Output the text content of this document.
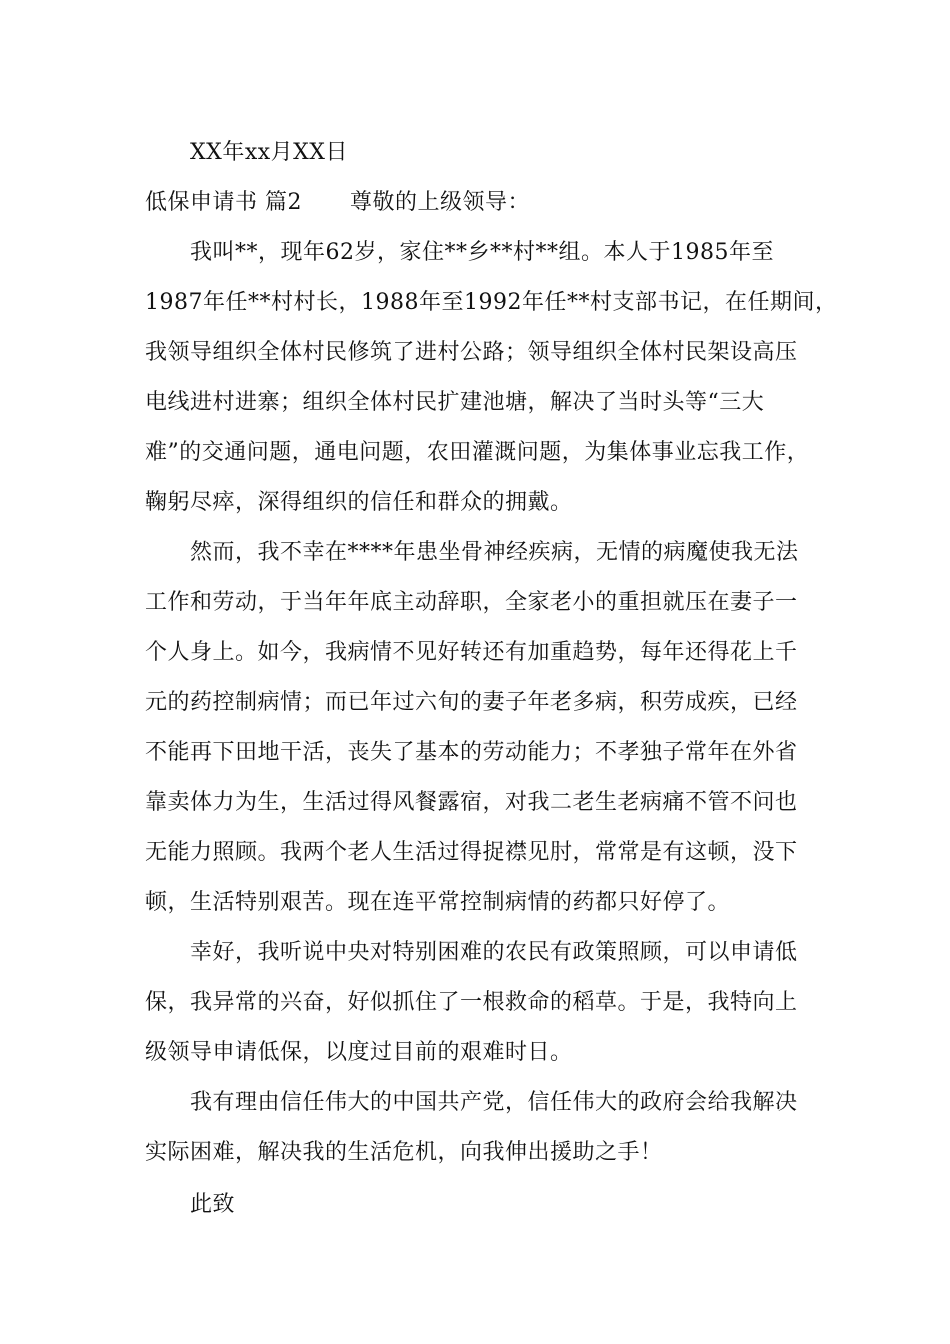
XX年xx月XX日
低保申请书 篇2 尊敬的上级领导：
我叫**，现年62岁，家住**乡**村**组。本人于1985年至
1987年任**村村长，1988年至1992年任**村支部书记，在任期间，
我领导组织全体村民修筑了进村公路；领导组织全体村民架设高压
电线进村进寨；组织全体村民扩建池塘，解决了当时头等“三大
难”的交通问题，通电问题，农田灌溉问题，为集体事业忘我工作，
鞠躬尽瘁，深得组织的信任和群众的拥戴。
然而，我不幸在****年患坐骨神经疾病，无情的病魔使我无法
工作和劳动，于当年年底主动辞职，全家老小的重担就压在妻子一
个人身上。如今，我病情不见好转还有加重趋势，每年还得花上千
元的药控制病情；而已年过六旬的妻子年老多病，积劳成疾，已经
不能再下田地干活，丧失了基本的劳动能力；不孝独子常年在外省
靠卖体力为生，生活过得风餐露宿，对我二老生老病痛不管不问也
无能力照顾。我两个老人生活过得捉襟见肘，常常是有这顿，没下
顿，生活特别艰苦。现在连平常控制病情的药都只好停了。
幸好，我听说中央对特别困难的农民有政策照顾，可以申请低
保，我异常的兴奋，好似抓住了一根救命的稻草。于是，我特向上
级领导申请低保，以度过目前的艰难时日。
我有理由信任伟大的中国共产党，信任伟大的政府会给我解决
实际困难，解决我的生活危机，向我伸出援助之手！
此致
